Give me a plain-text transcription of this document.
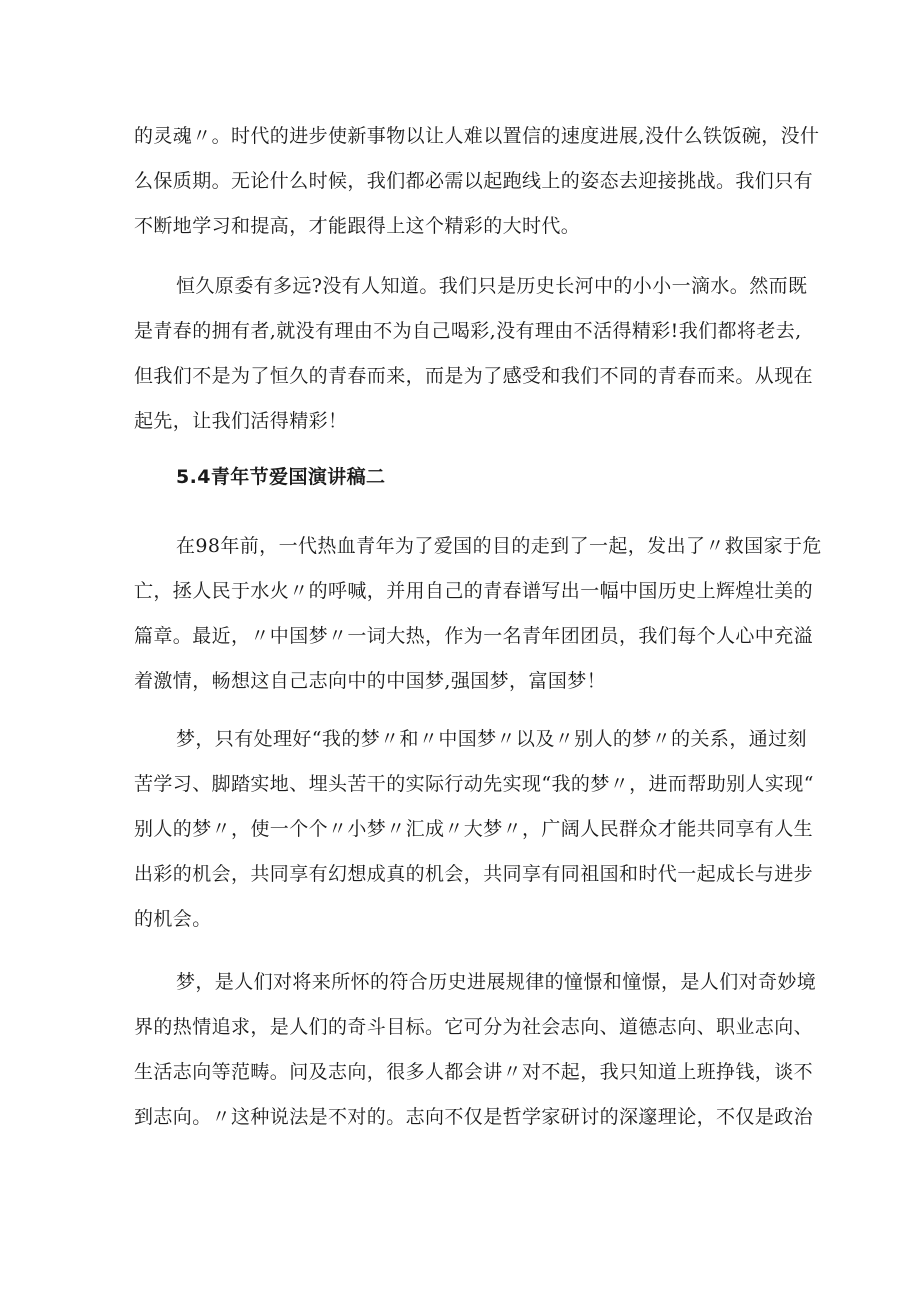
的灵魂〃。时代的进步使新事物以让人难以置信的速度进展,没什么铁饭碗，没什
么保质期。无论什么时候，我们都必需以起跑线上的姿态去迎接挑战。我们只有
不断地学习和提高，才能跟得上这个精彩的大时代。
恒久原委有多远?没有人知道。我们只是历史长河中的小小一滴水。然而既
是青春的拥有者,就没有理由不为自己喝彩,没有理由不活得精彩!我们都将老去,
但我们不是为了恒久的青春而来，而是为了感受和我们不同的青春而来。从现在
起先，让我们活得精彩！
5.4青年节爱国演讲稿二
在98年前，一代热血青年为了爱国的目的走到了一起，发出了〃救国家于危
亡，拯人民于水火〃的呼喊，并用自己的青春谱写出一幅中国历史上辉煌壮美的
篇章。最近，〃中国梦〃一词大热，作为一名青年团团员，我们每个人心中充溢
着激情，畅想这自己志向中的中国梦,强国梦，富国梦！
梦，只有处理好“我的梦〃和〃中国梦〃以及〃别人的梦〃的关系，通过刻
苦学习、脚踏实地、埋头苦干的实际行动先实现“我的梦〃，进而帮助别人实现“
别人的梦〃，使一个个〃小梦〃汇成〃大梦〃，广阔人民群众才能共同享有人生
出彩的机会，共同享有幻想成真的机会，共同享有同祖国和时代一起成长与进步
的机会。
梦，是人们对将来所怀的符合历史进展规律的憧憬和憧憬，是人们对奇妙境
界的热情追求，是人们的奇斗目标。它可分为社会志向、道德志向、职业志向、
生活志向等范畴。问及志向，很多人都会讲〃对不起，我只知道上班挣钱，谈不
到志向。〃这种说法是不对的。志向不仅是哲学家研讨的深邃理论，不仅是政治
